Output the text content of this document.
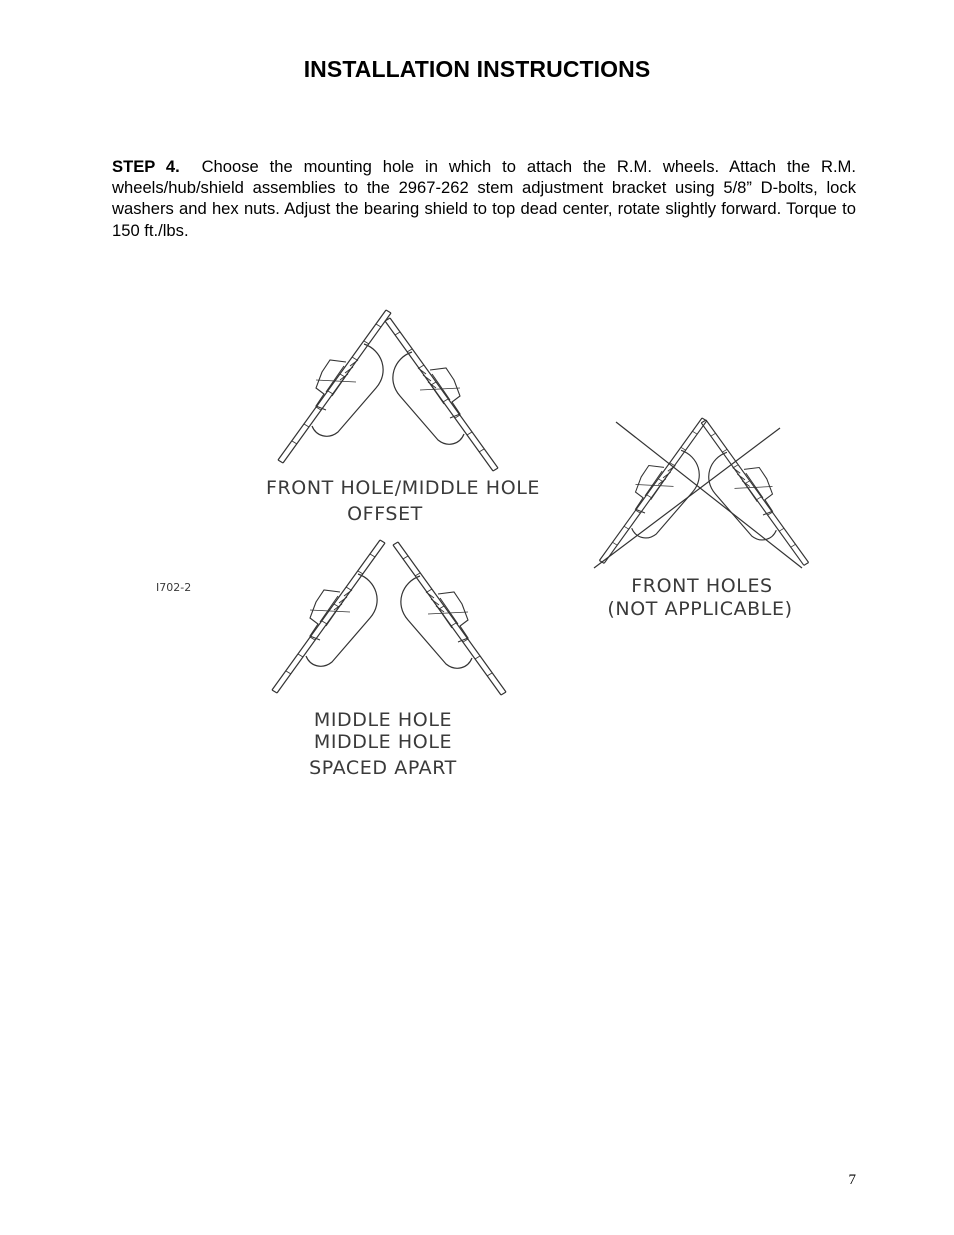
INSTALLATION INSTRUCTIONS
STEP 4. Choose the mounting hole in which to attach the R.M. wheels. Attach the R.M. wheels/hub/shield assemblies to the 2967-262 stem adjustment bracket using 5/8” D-bolts, lock washers and hex nuts. Adjust the bearing shield to top dead center, rotate slightly forward. Torque to 150 ft./lbs.
FRONT HOLE/MIDDLE HOLE
OFFSET
I702-2
MIDDLE HOLE
MIDDLE HOLE
SPACED APART
FRONT HOLES
(NOT APPLICABLE)
7
